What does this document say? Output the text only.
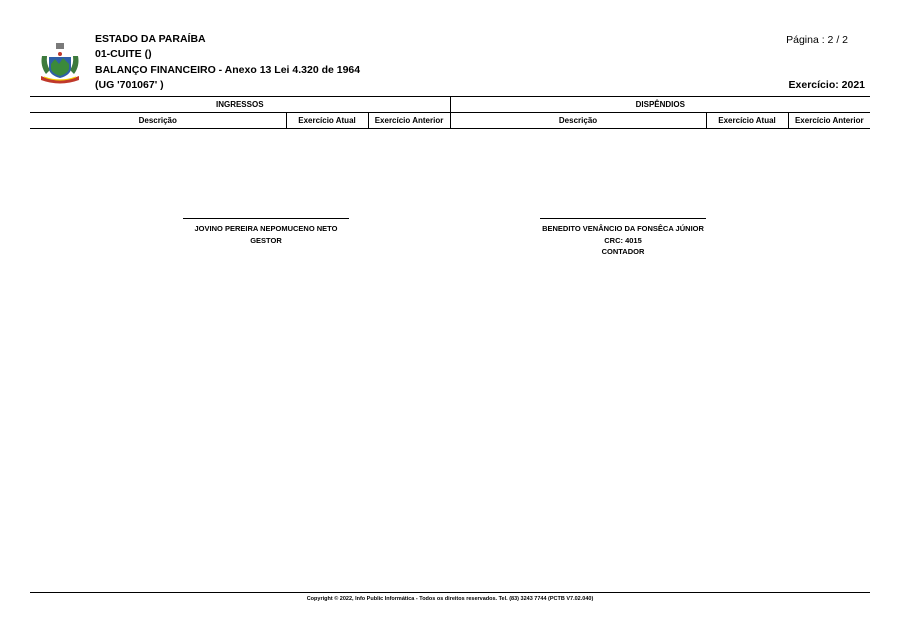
ESTADO DA PARAÍBA
01-CUITE ()
BALANÇO FINANCEIRO - Anexo 13 Lei 4.320 de 1964
(UG '701067' )
Página : 2 / 2
Exercício: 2021
INGRESSOS			DISPÊNDIOS		
Descrição	Exercício Atual	Exercício Anterior	Descrição	Exercício Atual	Exercício Anterior
JOVINO PEREIRA NEPOMUCENO NETO
GESTOR
BENEDITO VENÂNCIO DA FONSÊCA JÚNIOR
CRC: 4015
CONTADOR
Copyright © 2022, Info Public Informática - Todos os direitos reservados. Tel. (83) 3243 7744 (PCTB V7.02.040)
